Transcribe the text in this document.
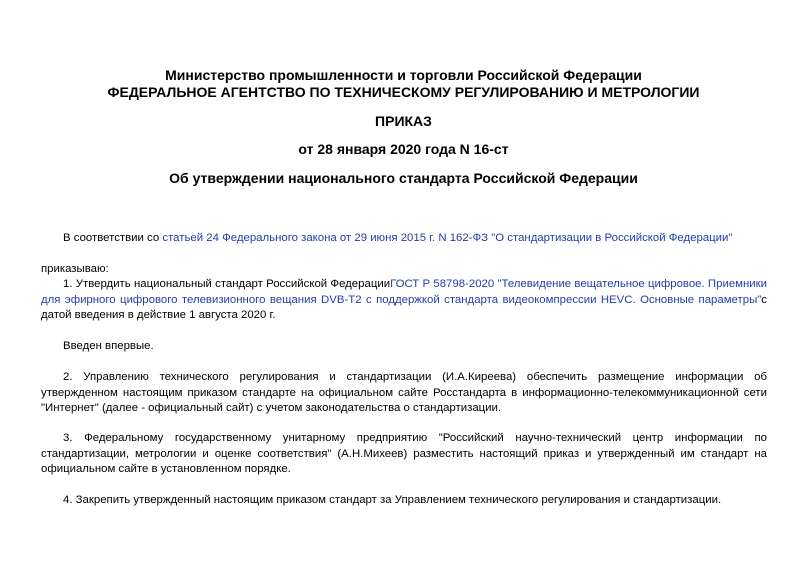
Министерство промышленности и торговли Российской Федерации
ФЕДЕРАЛЬНОЕ АГЕНТСТВО ПО ТЕХНИЧЕСКОМУ РЕГУЛИРОВАНИЮ И МЕТРОЛОГИИ
ПРИКАЗ
от 28 января 2020 года N 16-ст
Об утверждении национального стандарта Российской Федерации
В соответствии со статьей 24 Федерального закона от 29 июня 2015 г. N 162-ФЗ "О стандартизации в Российской Федерации"
приказываю:
1. Утвердить национальный стандарт Российской ФедерацииГОСТ Р 58798-2020 "Телевидение вещательное цифровое. Приемники для эфирного цифрового телевизионного вещания DVB-T2 с поддержкой стандарта видеокомпрессии HEVC. Основные параметры"с датой введения в действие 1 августа 2020 г.
Введен впервые.
2. Управлению технического регулирования и стандартизации (И.А.Киреева) обеспечить размещение информации об утвержденном настоящим приказом стандарте на официальном сайте Росстандарта в информационно-телекоммуникационной сети "Интернет" (далее - официальный сайт) с учетом законодательства о стандартизации.
3. Федеральному государственному унитарному предприятию "Российский научно-технический центр информации по стандартизации, метрологии и оценке соответствия" (А.Н.Михеев) разместить настоящий приказ и утвержденный им стандарт на официальном сайте в установленном порядке.
4. Закрепить утвержденный настоящим приказом стандарт за Управлением технического регулирования и стандартизации.
